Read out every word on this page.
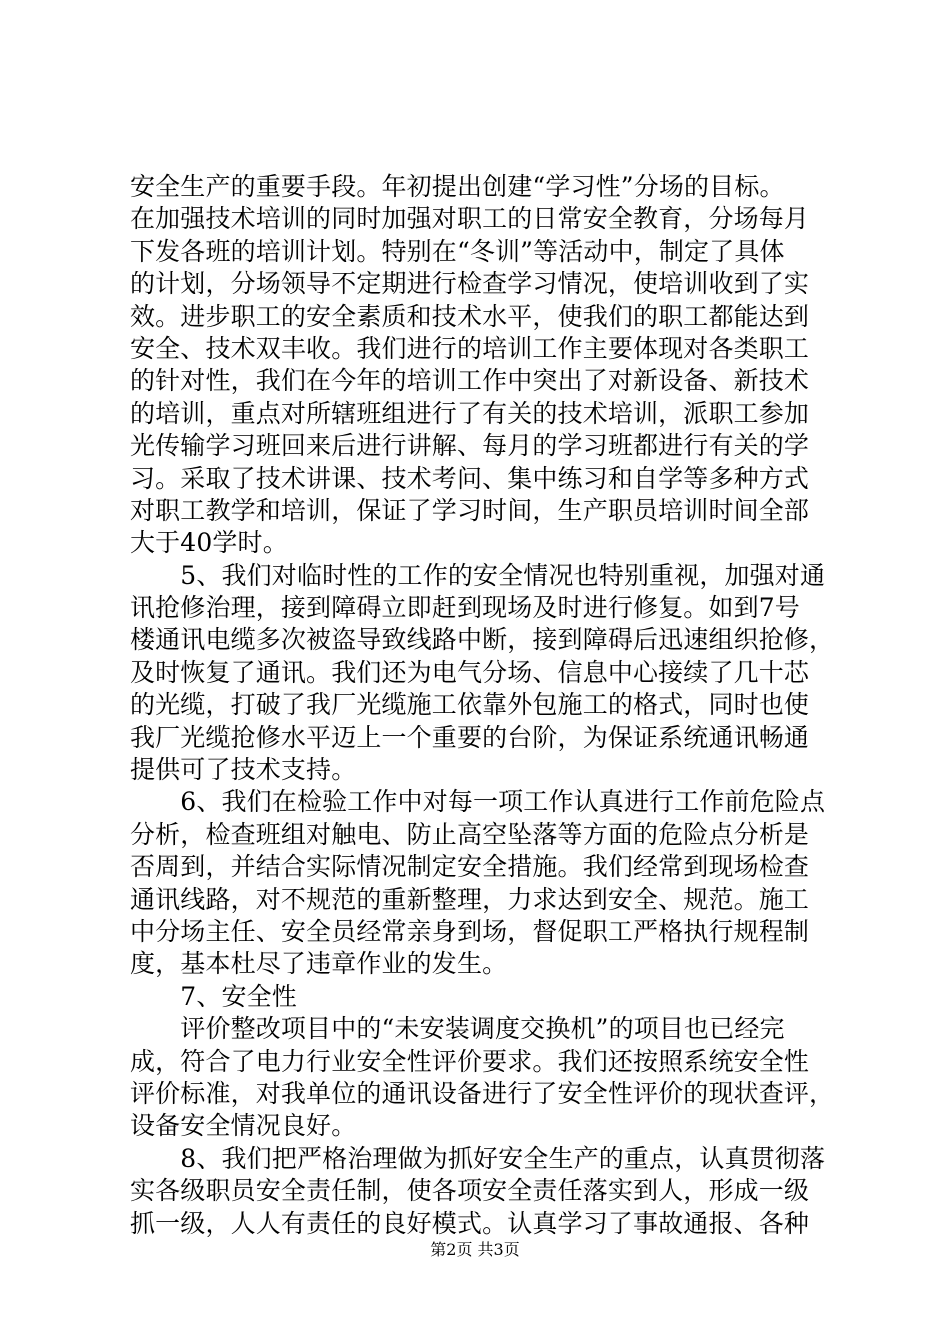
安全生产的重要手段。年初提出创建“学习性”分场的目标。
在加强技术培训的同时加强对职工的日常安全教育，分场每月
下发各班的培训计划。特别在“冬训”等活动中，制定了具体
的计划，分场领导不定期进行检查学习情况，使培训收到了实
效。进步职工的安全素质和技术水平，使我们的职工都能达到
安全、技术双丰收。我们进行的培训工作主要体现对各类职工
的针对性，我们在今年的培训工作中突出了对新设备、新技术
的培训，重点对所辖班组进行了有关的技术培训，派职工参加
光传输学习班回来后进行讲解、每月的学习班都进行有关的学
习。采取了技术讲课、技术考问、集中练习和自学等多种方式
对职工教学和培训，保证了学习时间，生产职员培训时间全部
大于40学时。
　　5、我们对临时性的工作的安全情况也特别重视，加强对通
讯抢修治理，接到障碍立即赶到现场及时进行修复。如到7号
楼通讯电缆多次被盗导致线路中断，接到障碍后迅速组织抢修，
及时恢复了通讯。我们还为电气分场、信息中心接续了几十芯
的光缆，打破了我厂光缆施工依靠外包施工的格式，同时也使
我厂光缆抢修水平迈上一个重要的台阶，为保证系统通讯畅通
提供可了技术支持。
　　6、我们在检验工作中对每一项工作认真进行工作前危险点
分析，检查班组对触电、防止高空坠落等方面的危险点分析是
否周到，并结合实际情况制定安全措施。我们经常到现场检查
通讯线路，对不规范的重新整理，力求达到安全、规范。施工
中分场主任、安全员经常亲身到场，督促职工严格执行规程制
度，基本杜尽了违章作业的发生。
　　7、安全性
　　评价整改项目中的“未安装调度交换机”的项目也已经完
成，符合了电力行业安全性评价要求。我们还按照系统安全性
评价标准，对我单位的通讯设备进行了安全性评价的现状查评，
设备安全情况良好。
　　8、我们把严格治理做为抓好安全生产的重点，认真贯彻落
实各级职员安全责任制，使各项安全责任落实到人，形成一级
抓一级，人人有责任的良好模式。认真学习了事故通报、各种
第2页 共3页
